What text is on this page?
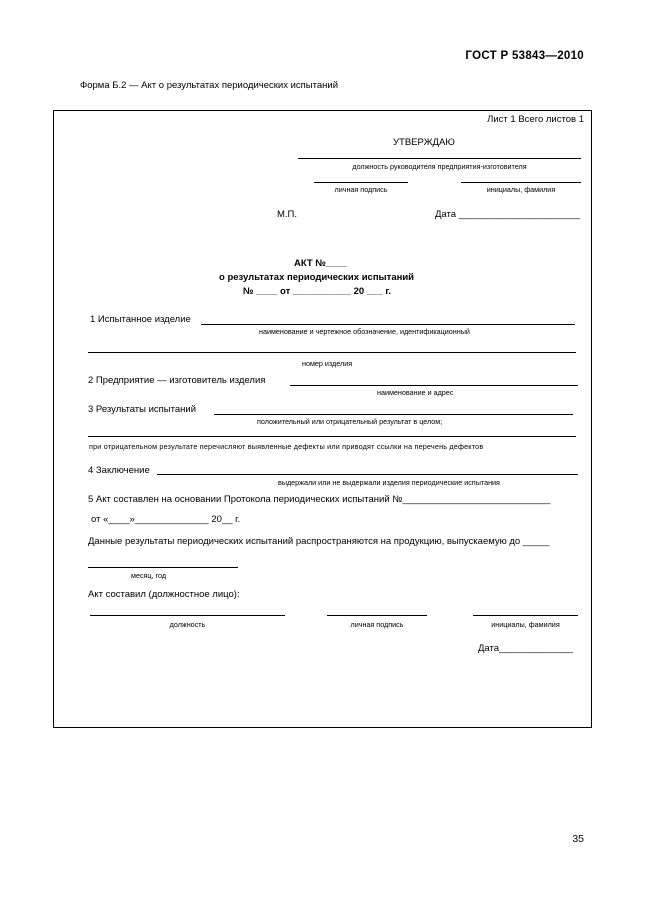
ГОСТ Р 53843—2010
Форма Б.2 — Акт о результатах периодических испытаний
Лист 1 Всего листов 1
УТВЕРЖДАЮ
должность руководителя предприятия-изготовителя
личная подпись	инициалы, фамилия
М.П.	Дата _______________________
АКТ №____
о результатах периодических испытаний
№ ____ от ___________ 20 ___ г.
1 Испытанное изделие
наименование и чертежное обозначение, идентификационный
номер изделия
2 Предприятие — изготовитель изделия
наименование и адрес
3 Результаты испытаний
положительный или отрицательный результат в целом;
при отрицательном результате перечисляют выявленные дефекты или приводят ссылки на перечень дефектов
4 Заключение
выдержали или не выдержали изделия периодические испытания
5 Акт составлен на основании Протокола периодических испытаний №____________________________
от «____»______________ 20__ г.
Данные результаты периодических испытаний распространяются на продукцию, выпускаемую до _____
месяц, год
Акт составил (должностное лицо):
должность	личная подпись	инициалы, фамилия
Дата______________
35
